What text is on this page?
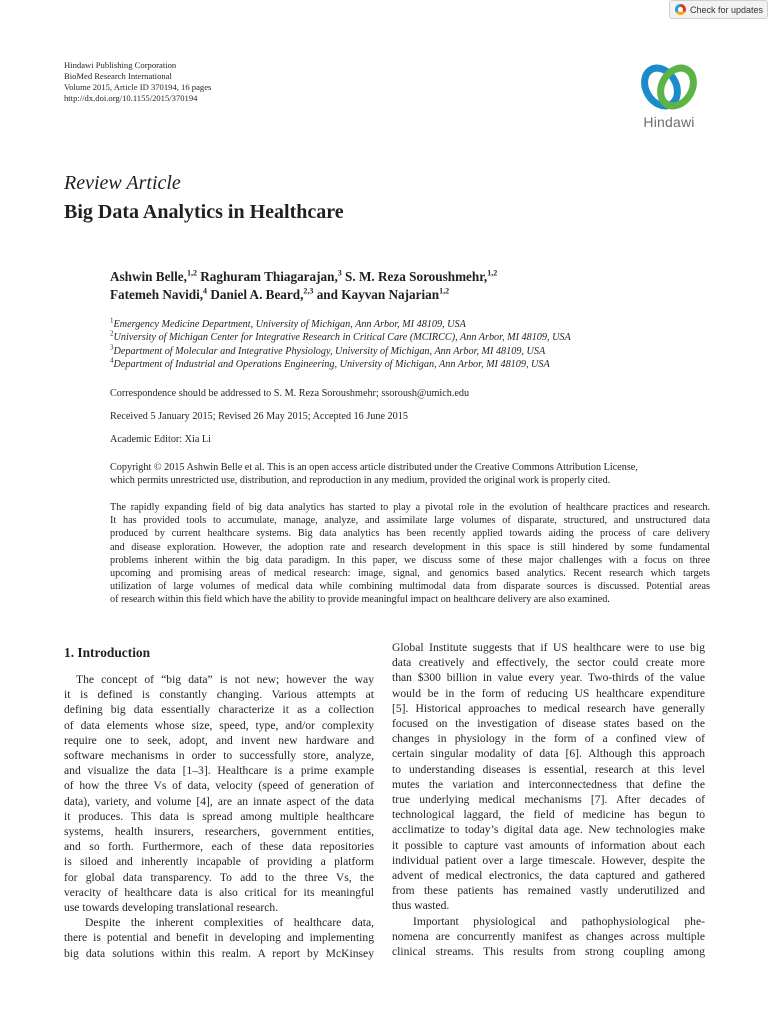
Check for updates
Hindawi Publishing Corporation
BioMed Research International
Volume 2015, Article ID 370194, 16 pages
http://dx.doi.org/10.1155/2015/370194
Hindawi
Review Article
Big Data Analytics in Healthcare
Ashwin Belle,$^{1,2}$ Raghuram Thiagarajan,$^3$ S. M. Reza Soroushmehr,$^{1,2}$
Fatemeh Navidi,$^4$ Daniel A. Beard,$^{2,3}$ and Kayvan Najarian$^{1,2}$
$^1$Emergency Medicine Department, University of Michigan, Ann Arbor, MI 48109, USA
$^2$University of Michigan Center for Integrative Research in Critical Care (MCIRCC), Ann Arbor, MI 48109, USA
$^3$Department of Molecular and Integrative Physiology, University of Michigan, Ann Arbor, MI 48109, USA
$^4$Department of Industrial and Operations Engineering, University of Michigan, Ann Arbor, MI 48109, USA
Correspondence should be addressed to S. M. Reza Soroushmehr; ssoroush@umich.edu
Received 5 January 2015; Revised 26 May 2015; Accepted 16 June 2015
Academic Editor: Xia Li
Copyright © 2015 Ashwin Belle et al. This is an open access article distributed under the Creative Commons Attribution License,
which permits unrestricted use, distribution, and reproduction in any medium, provided the original work is properly cited.
The rapidly expanding field of big data analytics has started to play a pivotal role in the evolution of healthcare practices and research.
It has provided tools to accumulate, manage, analyze, and assimilate large volumes of disparate, structured, and unstructured data
produced by current healthcare systems. Big data analytics has been recently applied towards aiding the process of care delivery
and disease exploration. However, the adoption rate and research development in this space is still hindered by some fundamental
problems inherent within the big data paradigm. In this paper, we discuss some of these major challenges with a focus on three
upcoming and promising areas of medical research: image, signal, and genomics based analytics. Recent research which targets
utilization of large volumes of medical data while combining multimodal data from disparate sources is discussed. Potential areas
of research within this field which have the ability to provide meaningful impact on healthcare delivery are also examined.
1. Introduction
The concept of “big data” is not new; however the way
it is defined is constantly changing. Various attempts at
defining big data essentially characterize it as a collection
of data elements whose size, speed, type, and/or complexity
require one to seek, adopt, and invent new hardware and
software mechanisms in order to successfully store, analyze,
and visualize the data [1–3]. Healthcare is a prime example
of how the three Vs of data, velocity (speed of generation of
data), variety, and volume [4], are an innate aspect of the data
it produces. This data is spread among multiple healthcare
systems, health insurers, researchers, government entities,
and so forth. Furthermore, each of these data repositories
is siloed and inherently incapable of providing a platform
for global data transparency. To add to the three Vs, the
veracity of healthcare data is also critical for its meaningful
use towards developing translational research.
Despite the inherent complexities of healthcare data,
there is potential and benefit in developing and implementing
big data solutions within this realm. A report by McKinsey
Global Institute suggests that if US healthcare were to use big
data creatively and effectively, the sector could create more
than $300 billion in value every year. Two-thirds of the value
would be in the form of reducing US healthcare expenditure
[5]. Historical approaches to medical research have generally
focused on the investigation of disease states based on the
changes in physiology in the form of a confined view of
certain singular modality of data [6]. Although this approach
to understanding diseases is essential, research at this level
mutes the variation and interconnectedness that define the
true underlying medical mechanisms [7]. After decades of
technological laggard, the field of medicine has begun to
acclimatize to today’s digital data age. New technologies make
it possible to capture vast amounts of information about each
individual patient over a large timescale. However, despite the
advent of medical electronics, the data captured and gathered
from these patients has remained vastly underutilized and
thus wasted.
Important physiological and pathophysiological phe-
nomena are concurrently manifest as changes across multiple
clinical streams. This results from strong coupling among
